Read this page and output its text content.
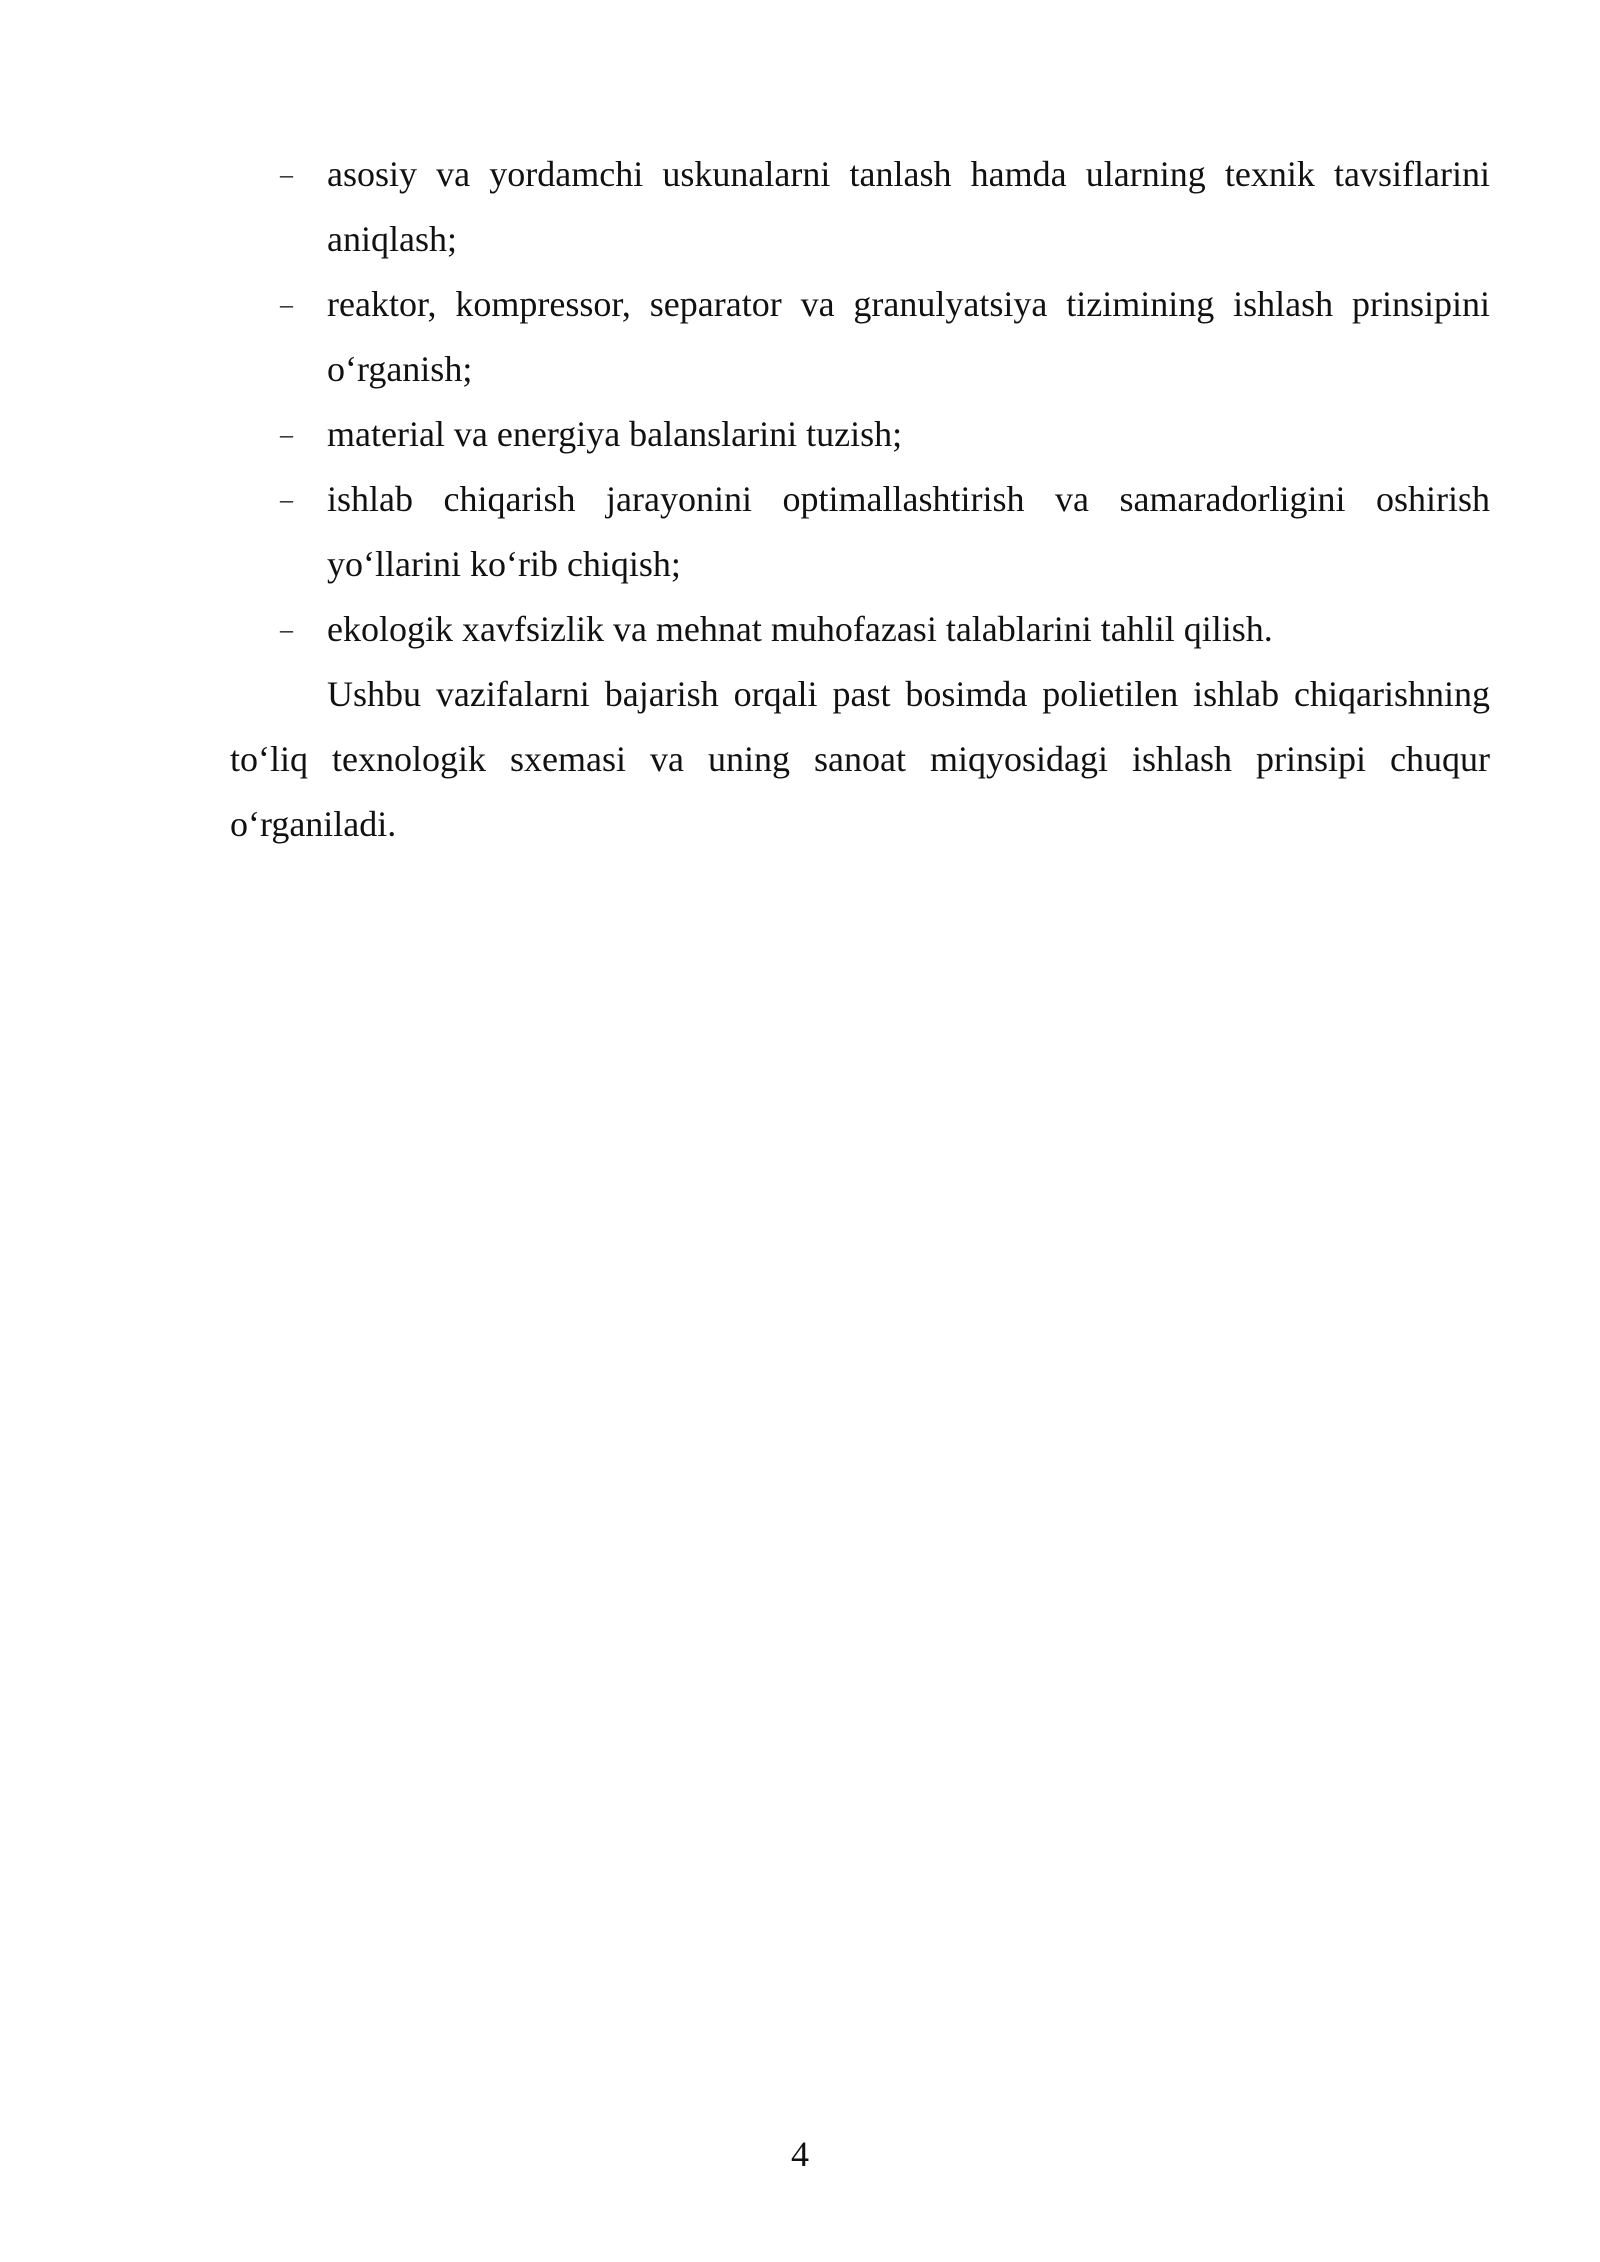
– asosiy va yordamchi uskunalarni tanlash hamda ularning texnik tavsiflarini aniqlash;
– reaktor, kompressor, separator va granulyatsiya tizimining ishlash prinsipini o‘rganish;
– material va energiya balanslarini tuzish;
– ishlab chiqarish jarayonini optimallashtirish va samaradorligini oshirish yo‘llarini ko‘rib chiqish;
– ekologik xavfsizlik va mehnat muhofazasi talablarini tahlil qilish.

Ushbu vazifalarni bajarish orqali past bosimda polietilen ishlab chiqarishning to‘liq texnologik sxemasi va uning sanoat miqyosidagi ishlash prinsipi chuqur o‘rganiladi.

4
